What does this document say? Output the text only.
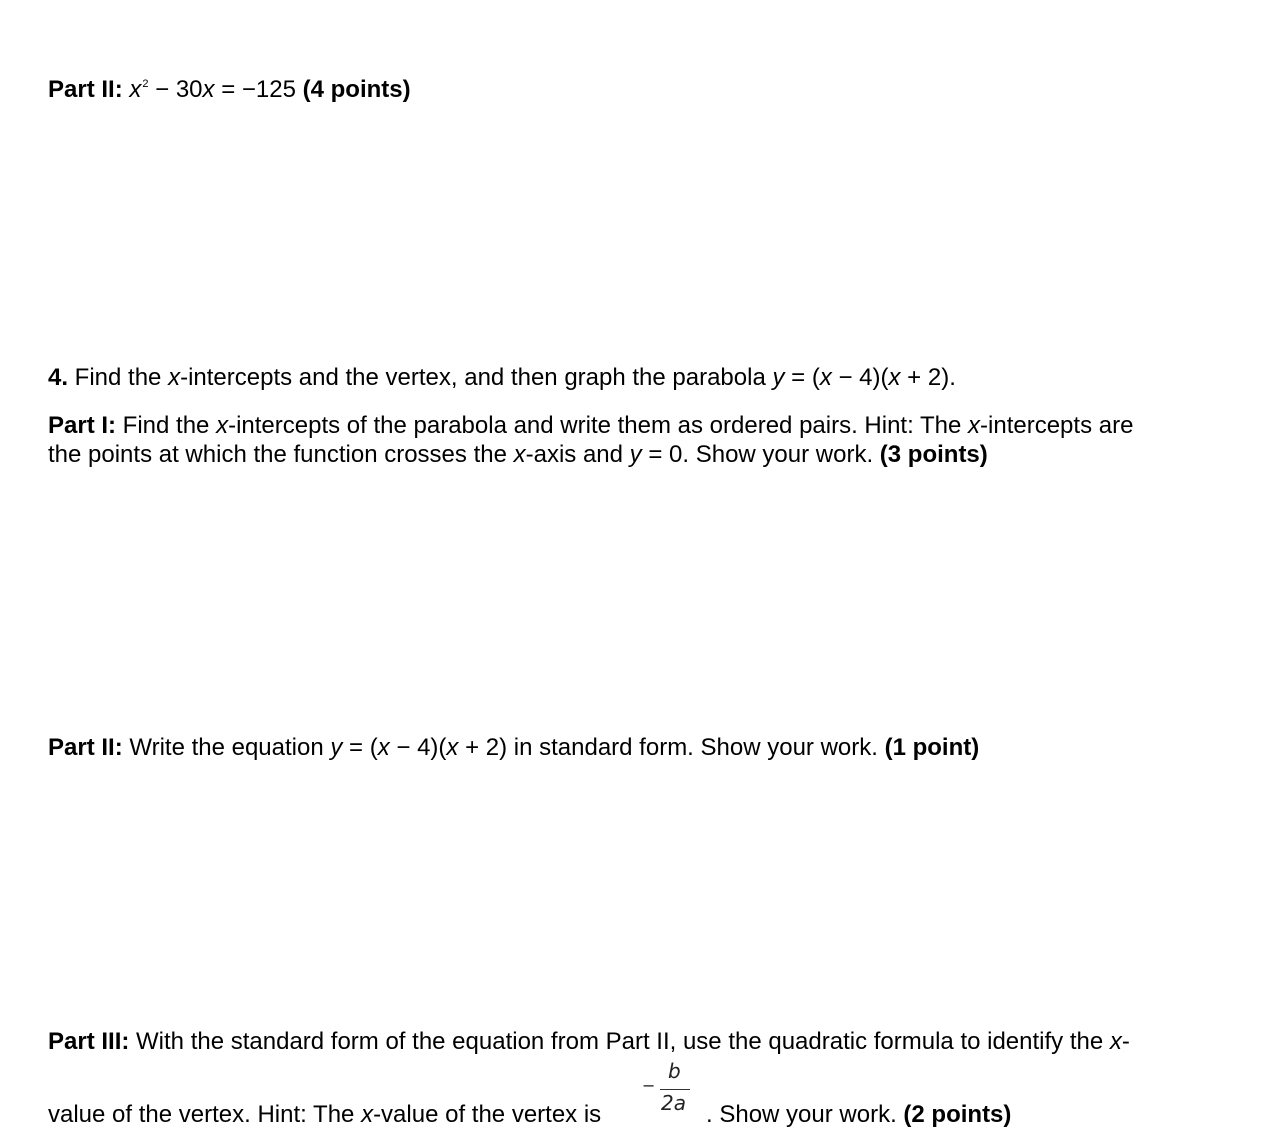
Part II: $x^2 - 30x = -125$ (4 points)
4. Find the x-intercepts and the vertex, and then graph the parabola y = (x − 4)(x + 2).
Part I: Find the x-intercepts of the parabola and write them as ordered pairs. Hint: The x-intercepts are
the points at which the function crosses the x-axis and y = 0. Show your work. (3 points)
Part II: Write the equation y = (x − 4)(x + 2) in standard form. Show your work. (1 point)
Part III: With the standard form of the equation from Part II, use the quadratic formula to identify the x-
value of the vertex. Hint: The x-value of the vertex is
−
b
2a . Show your work. (2 points)
